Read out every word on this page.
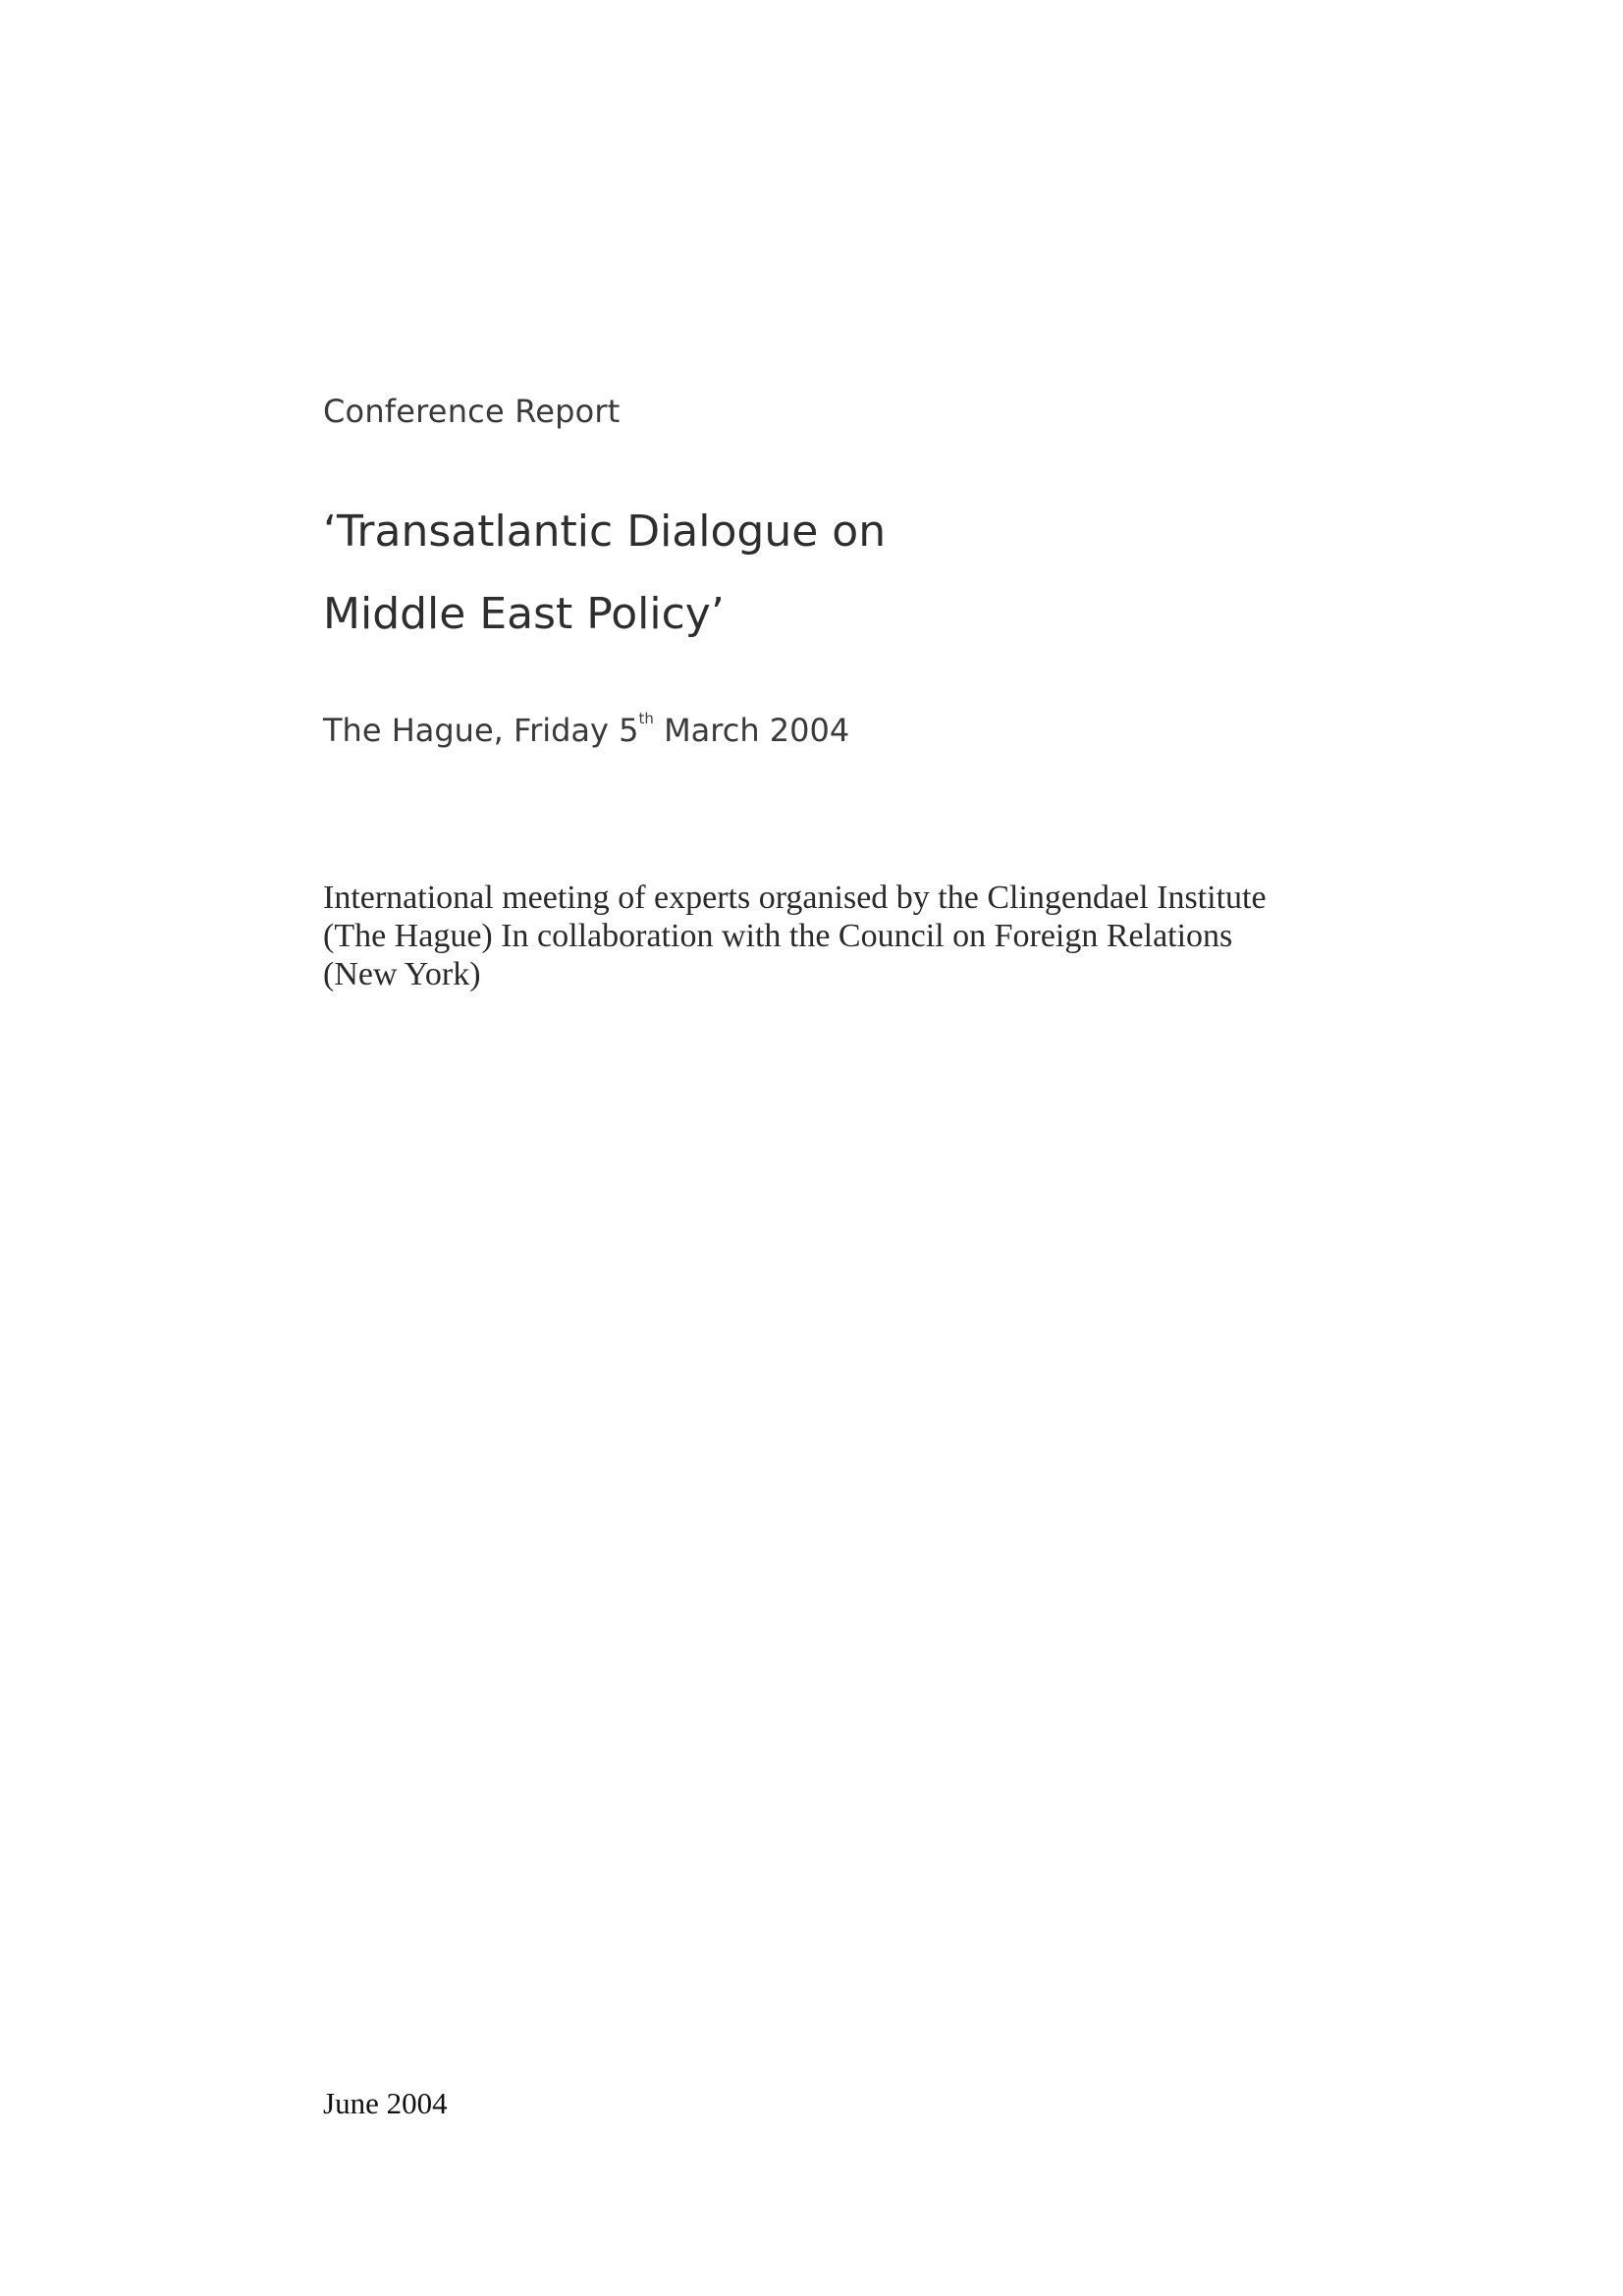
Conference Report

‘Transatlantic Dialogue on
Middle East Policy’

The Hague, Friday 5th March 2004

International meeting of experts organised by the Clingendael Institute
(The Hague) In collaboration with the Council on Foreign Relations
(New York)

June 2004
